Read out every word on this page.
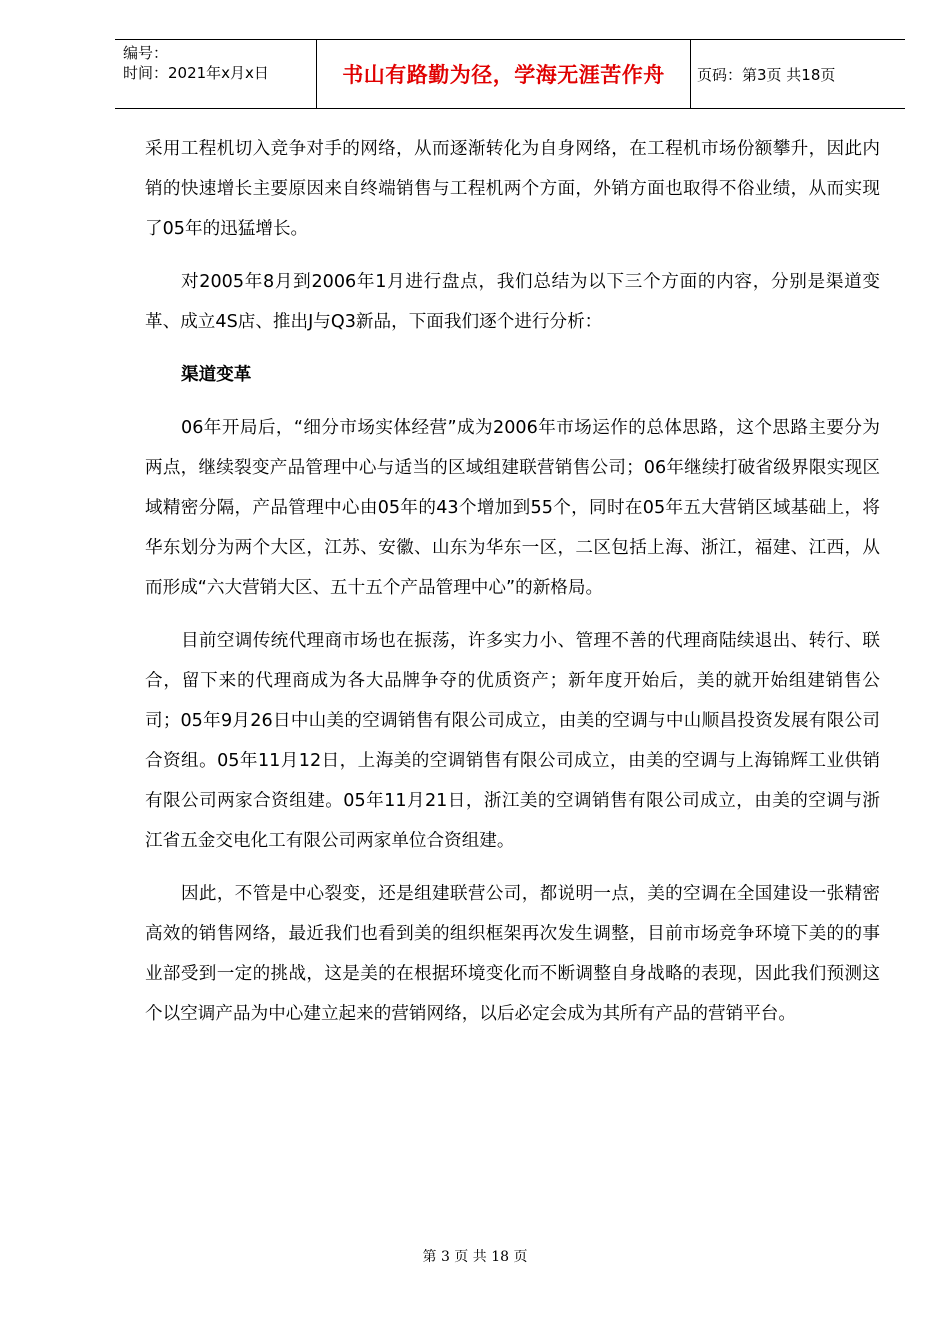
编号：
时间：2021年x月x日	书山有路勤为径，学海无涯苦作舟	页码：第3页 共18页

采用工程机切入竞争对手的网络，从而逐渐转化为自身网络，在工程机市场份额攀升，因此内销的快速增长主要原因来自终端销售与工程机两个方面，外销方面也取得不俗业绩，从而实现了05年的迅猛增长。

对2005年8月到2006年1月进行盘点，我们总结为以下三个方面的内容，分别是渠道变革、成立4S店、推出J与Q3新品，下面我们逐个进行分析：

渠道变革

06年开局后，“细分市场实体经营”成为2006年市场运作的总体思路，这个思路主要分为两点，继续裂变产品管理中心与适当的区域组建联营销售公司；06年继续打破省级界限实现区域精密分隔，产品管理中心由05年的43个增加到55个，同时在05年五大营销区域基础上，将华东划分为两个大区，江苏、安徽、山东为华东一区，二区包括上海、浙江，福建、江西，从而形成“六大营销大区、五十五个产品管理中心”的新格局。

目前空调传统代理商市场也在振荡，许多实力小、管理不善的代理商陆续退出、转行、联合，留下来的代理商成为各大品牌争夺的优质资产；新年度开始后，美的就开始组建销售公司；05年9月26日中山美的空调销售有限公司成立，由美的空调与中山顺昌投资发展有限公司合资组。05年11月12日，上海美的空调销售有限公司成立，由美的空调与上海锦辉工业供销有限公司两家合资组建。05年11月21日，浙江美的空调销售有限公司成立，由美的空调与浙江省五金交电化工有限公司两家单位合资组建。

因此，不管是中心裂变，还是组建联营公司，都说明一点，美的空调在全国建设一张精密高效的销售网络，最近我们也看到美的组织框架再次发生调整，目前市场竞争环境下美的的事业部受到一定的挑战，这是美的在根据环境变化而不断调整自身战略的表现，因此我们预测这个以空调产品为中心建立起来的营销网络，以后必定会成为其所有产品的营销平台。

第 3 页 共 18 页
